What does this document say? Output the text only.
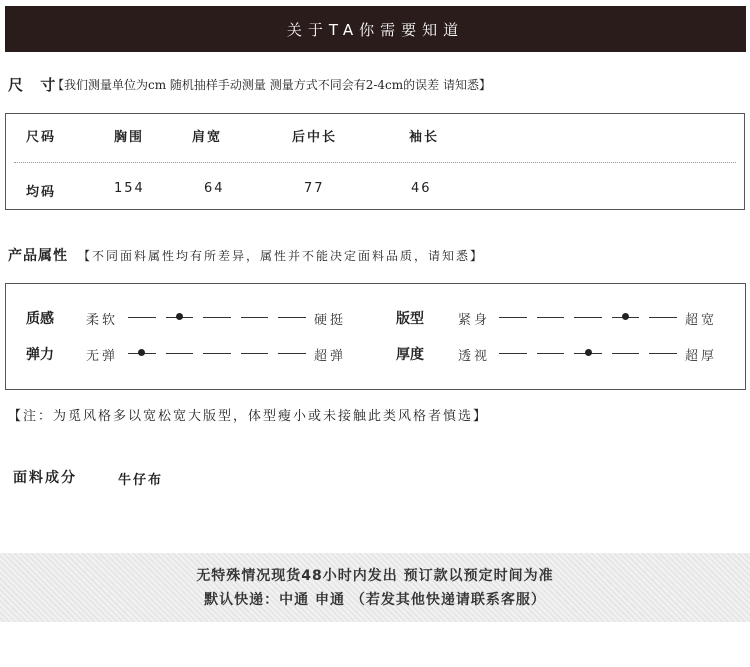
关于TA你需要知道
尺 寸
【我们测量单位为cm 随机抽样手动测量 测量方式不同会有2-4cm的误差 请知悉】
尺码	胸围	肩宽	后中长	袖长
均码	154	64	77	46
产品属性 【不同面料属性均有所差异，属性并不能决定面料品质，请知悉】
质感 柔软	硬挺	版型	紧身	超宽
弹力 无弹	超弹	厚度	透视	超厚
【注：为觅风格多以宽松宽大版型，体型瘦小或未接触此类风格者慎选】
面料成分	牛仔布
无特殊情况现货48小时内发出 预订款以预定时间为准
默认快递：中通 申通 （若发其他快递请联系客服）
